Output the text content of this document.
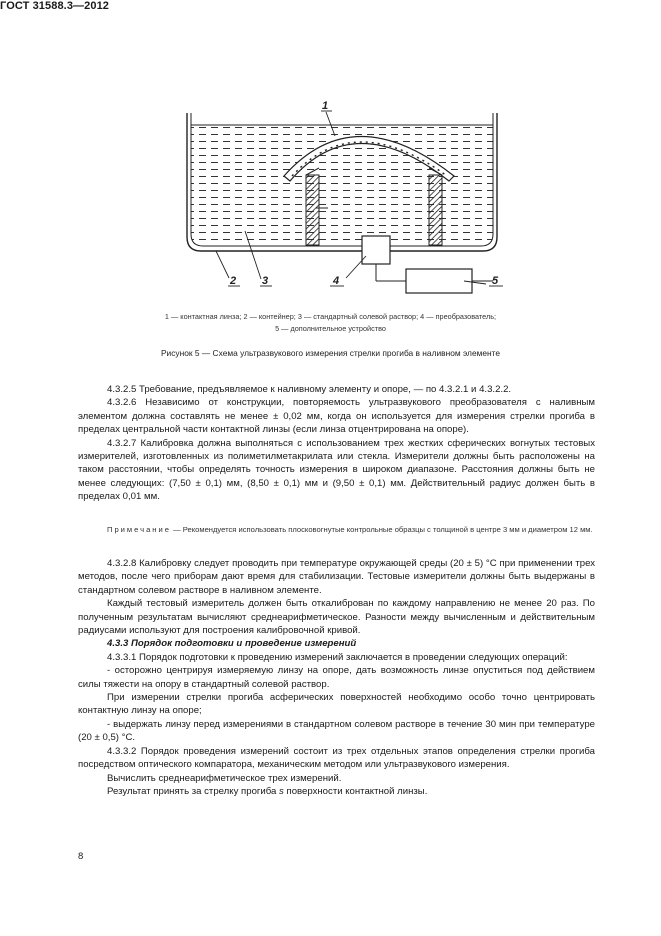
ГОСТ 31588.3—2012
1
2 3	4	5
1 — контактная линза; 2 — контейнер; 3 — стандартный солевой раствор; 4 — преобразователь;
5 — дополнительное устройство
Рисунок 5 — Схема ультразвукового измерения стрелки прогиба в наливном элементе

4.3.2.5 Требование, предъявляемое к наливному элементу и опоре, — по 4.3.2.1 и 4.3.2.2.

4.3.2.6 Независимо от конструкции, повторяемость ультразвукового преобразователя с наливным элементом должна составлять не менее ± 0,02 мм, когда он используется для измерения стрелки прогиба в пределах центральной части контактной линзы (если линза отцентрирована на опоре).

4.3.2.7 Калибровка должна выполняться с использованием трех жестких сферических вогнутых тестовых измерителей, изготовленных из полиметилметакрилата или стекла. Измерители должны быть расположены на таком расстоянии, чтобы определять точность измерения в широком диапазоне. Расстояния должны быть не менее следующих: (7,50 ± 0,1) мм, (8,50 ± 0,1) мм и (9,50 ± 0,1) мм. Действительный радиус должен быть в пределах 0,01 мм.

Примечание — Рекомендуется использовать плосковогнутые контрольные образцы с толщиной в центре 3 мм и диаметром 12 мм.

4.3.2.8 Калибровку следует проводить при температуре окружающей среды (20 ± 5) °С при применении трех методов, после чего приборам дают время для стабилизации. Тестовые измерители должны быть выдержаны в стандартном солевом растворе в наливном элементе.

Каждый тестовый измеритель должен быть откалиброван по каждому направлению не менее 20 раз. По полученным результатам вычисляют среднеарифметическое. Разности между вычисленным и действительным радиусами используют для построения калибровочной кривой.

4.3.3 Порядок подготовки и проведение измерений

4.3.3.1 Порядок подготовки к проведению измерений заключается в проведении следующих операций:

- осторожно центрируя измеряемую линзу на опоре, дать возможность линзе опуститься под действием силы тяжести на опору в стандартный солевой раствор.

При измерении стрелки прогиба асферических поверхностей необходимо особо точно центрировать контактную линзу на опоре;

- выдержать линзу перед измерениями в стандартном солевом растворе в течение 30 мин при температуре (20 ± 0,5) °С.

4.3.3.2 Порядок проведения измерений состоит из трех отдельных этапов определения стрелки прогиба посредством оптического компаратора, механическим методом или ультразвукового измерения.

Вычислить среднеарифметическое трех измерений.

Результат принять за стрелку прогиба s поверхности контактной линзы.

8
